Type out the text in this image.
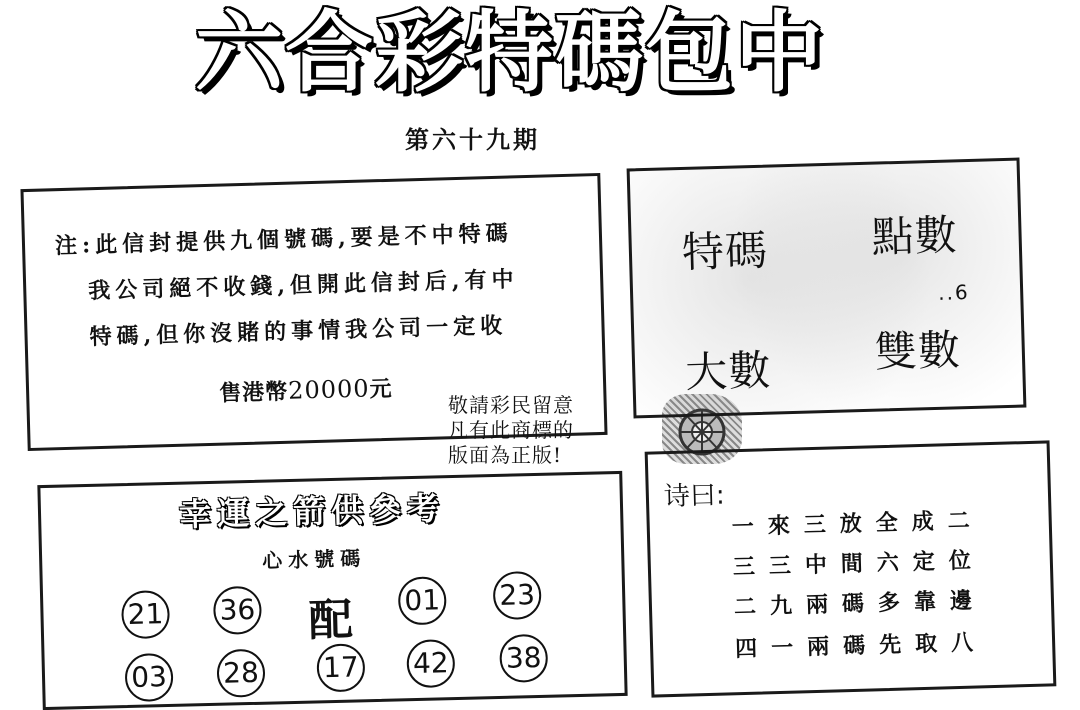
六合彩特碼包中
第六十九期
注:此信封提供九個號碼,要是不中特碼
我公司絕不收錢,但開此信封后,有中
特碼,但你沒賭的事情我公司一定收
售港幣20000元
敬請彩民留意
凡有此商標的
版面為正版!
特碼 點數
..6
大數 雙數
幸運之箭供參考
心水號碼
配
21 36	01 23
03 28 17 42 38
诗曰:
一來三放全成二
三三中間六定位
二九兩碼多靠邊
四一兩碼先取八
